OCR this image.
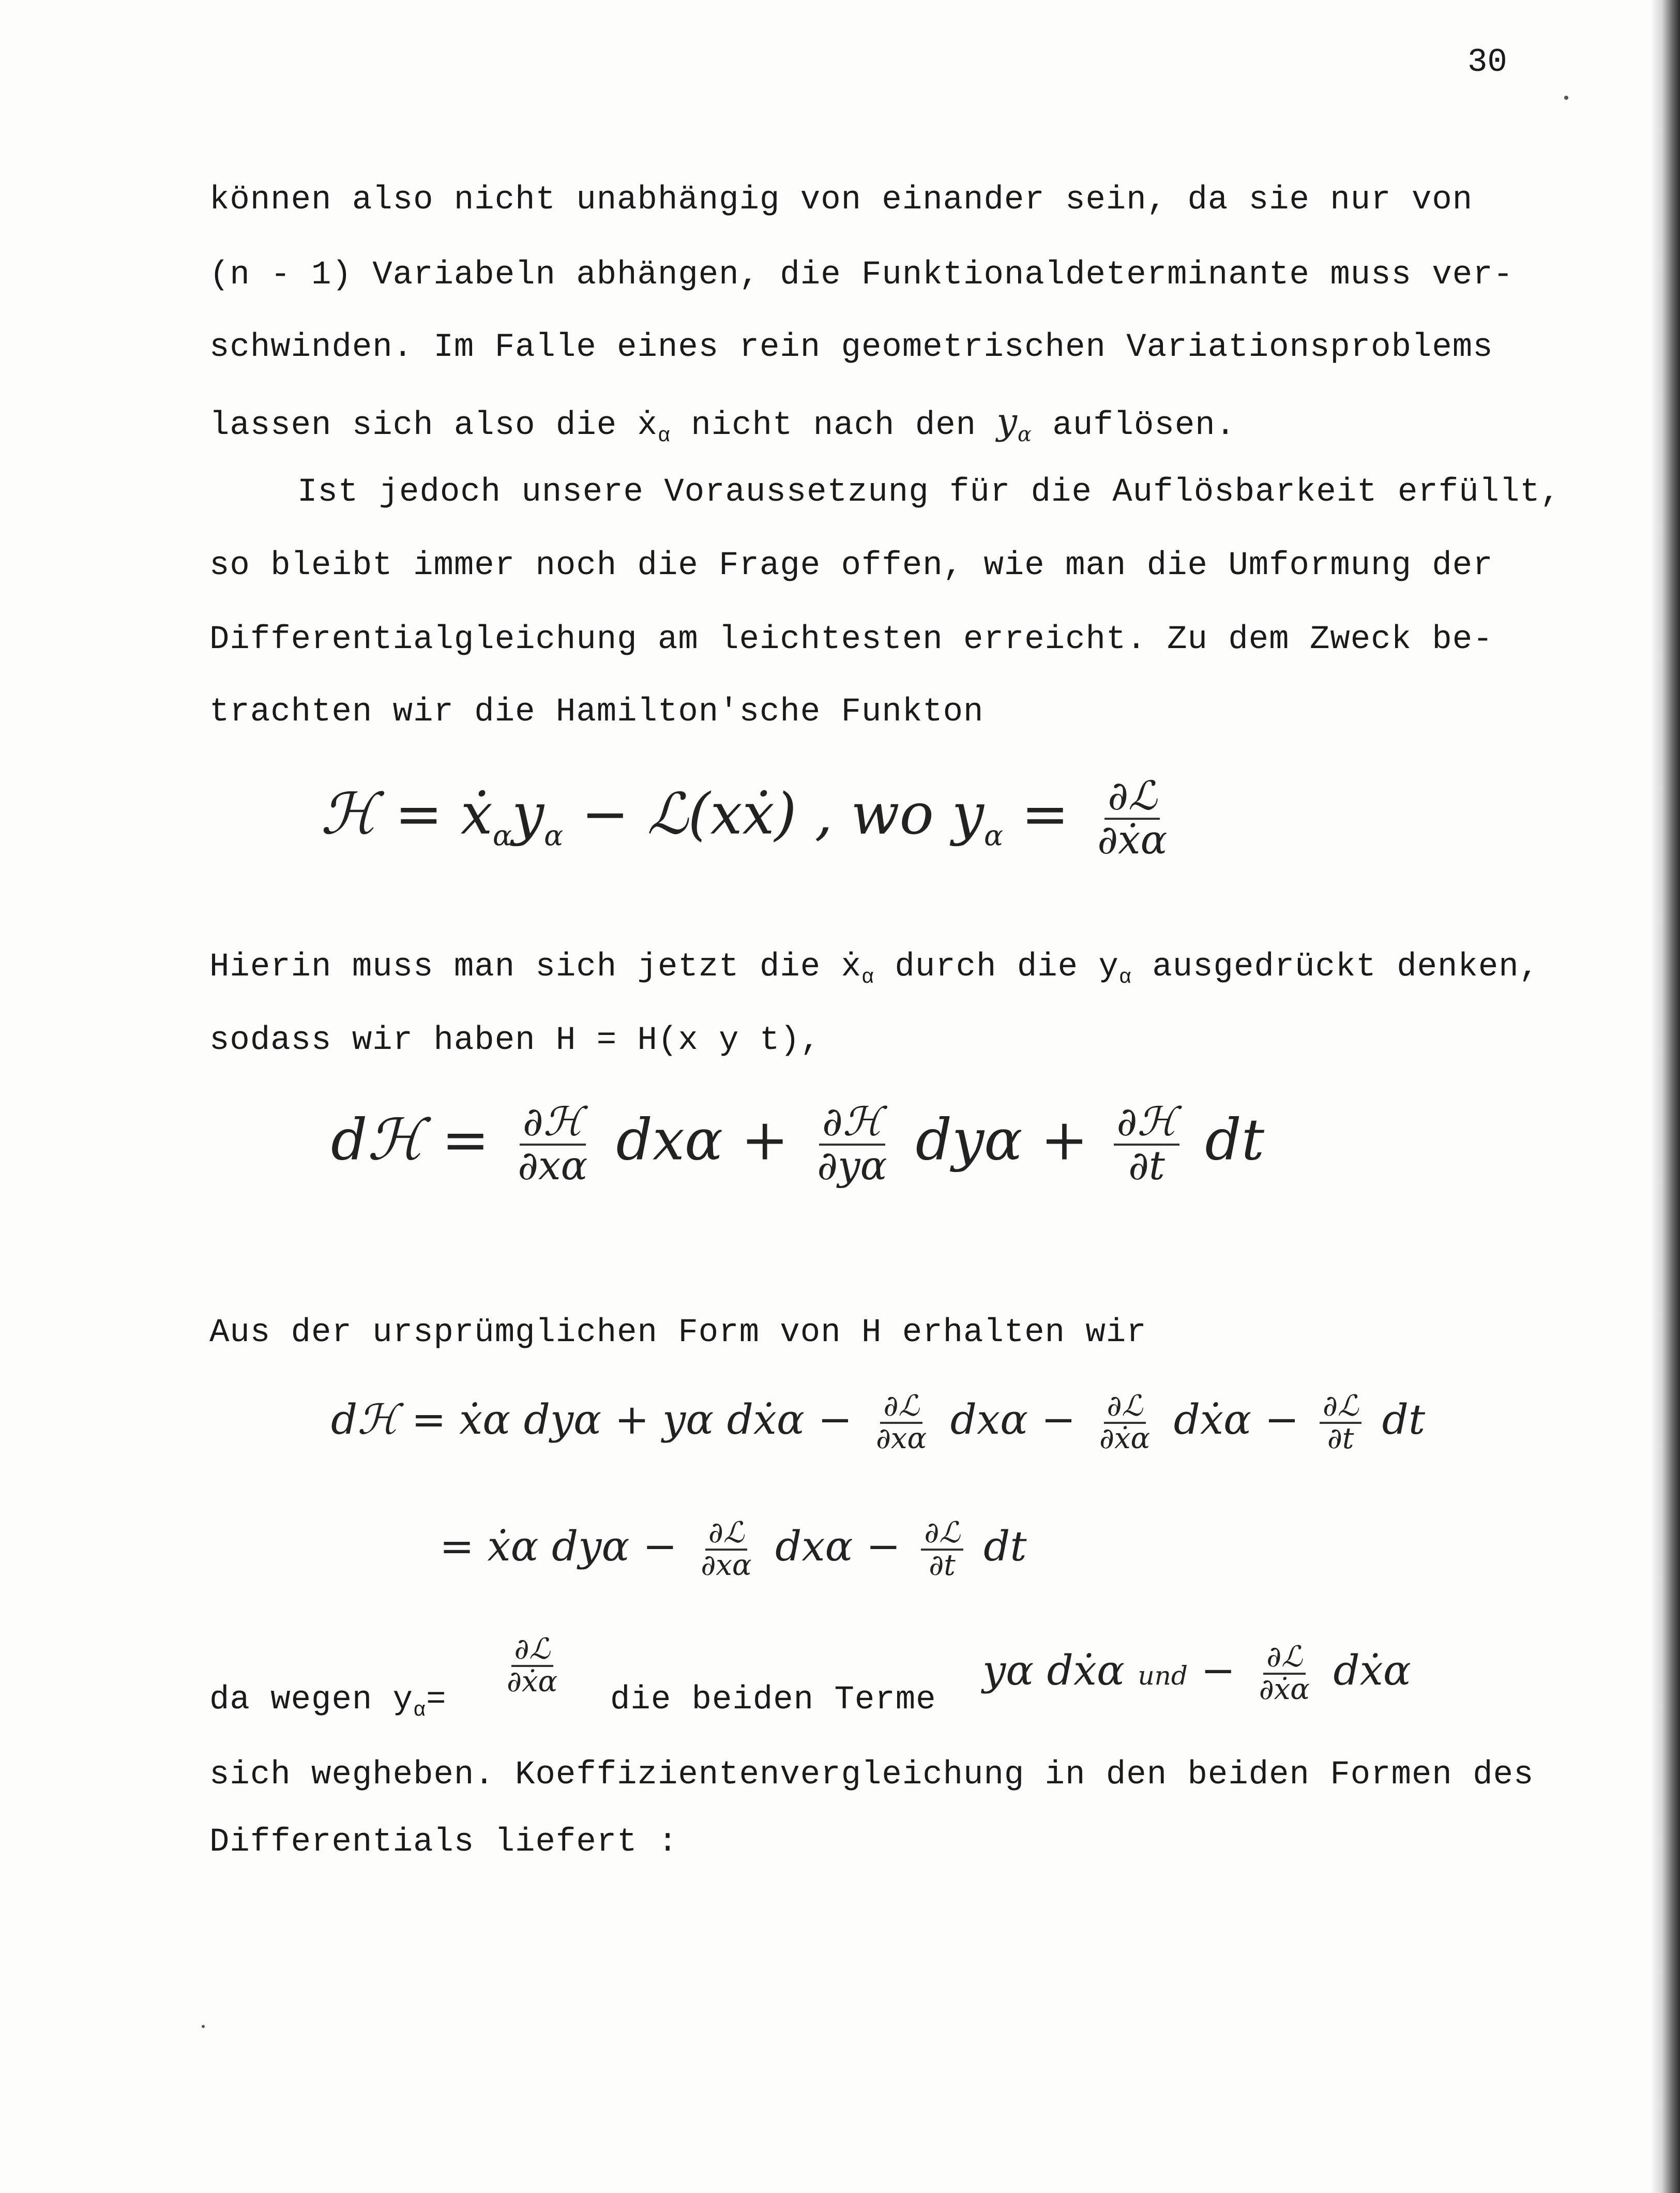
30
können also nicht unabhängig von einander sein, da sie nur von
(n - 1) Variabeln abhängen, die Funktionaldeterminante muss ver-
schwinden. Im Falle eines rein geometrischen Variationsproblems
lassen sich also die ẋ$_\alpha$ nicht nach den $y_\alpha$ auflösen.
Ist jedoch unsere Voraussetzung für die Auflösbarkeit erfüllt,
so bleibt immer noch die Frage offen, wie man die Umformung der
Differentialgleichung am leichtesten erreicht. Zu dem Zweck be-
trachten wir die Hamilton'sche Funkton
ℋ = $ẋ_\alpha y_\alpha$ − ℒ(xẋ) , wo $y_\alpha = \frac{\text{∂ℒ}}{\text{∂ẋα}}$
Hierin muss man sich jetzt die ẋ$_\alpha$ durch die $y_\alpha$ ausgedrückt denken,
sodass wir haben H = H(x y t),
dℋ = $\frac{\text{∂ℋ}}{\partial x\alpha}$ $dx\alpha + \frac{\text{∂ℋ}}{\partial y\alpha}$ $dy\alpha + \frac{\text{∂ℋ}}{\partial t}$ dt
Aus der ursprümglichen Form von H erhalten wir
dℋ = ẋα dyα + yα dẋα − $\frac{\text{∂ℒ}}{\partial x\alpha}$ $dx\alpha - \frac{\text{∂ℒ}}{\text{∂ẋα}}$ dẋα − $\frac{\text{∂ℒ}}{\partial t}$ dt
= ẋα $dy\alpha - \frac{\text{∂ℒ}}{\partial x\alpha}$ $dx\alpha - \frac{\text{∂ℒ}}{\partial t}$ dt
da wegen $y_\alpha=$
$\frac{\text{∂ℒ}}{\text{∂ẋα}}$
die beiden Terme
yα dẋα und − $\frac{\text{∂ℒ}}{\text{∂ẋα}}$ dẋα
sich wegheben. Koeffizientenvergleichung in den beiden Formen des
Differentials liefert :
